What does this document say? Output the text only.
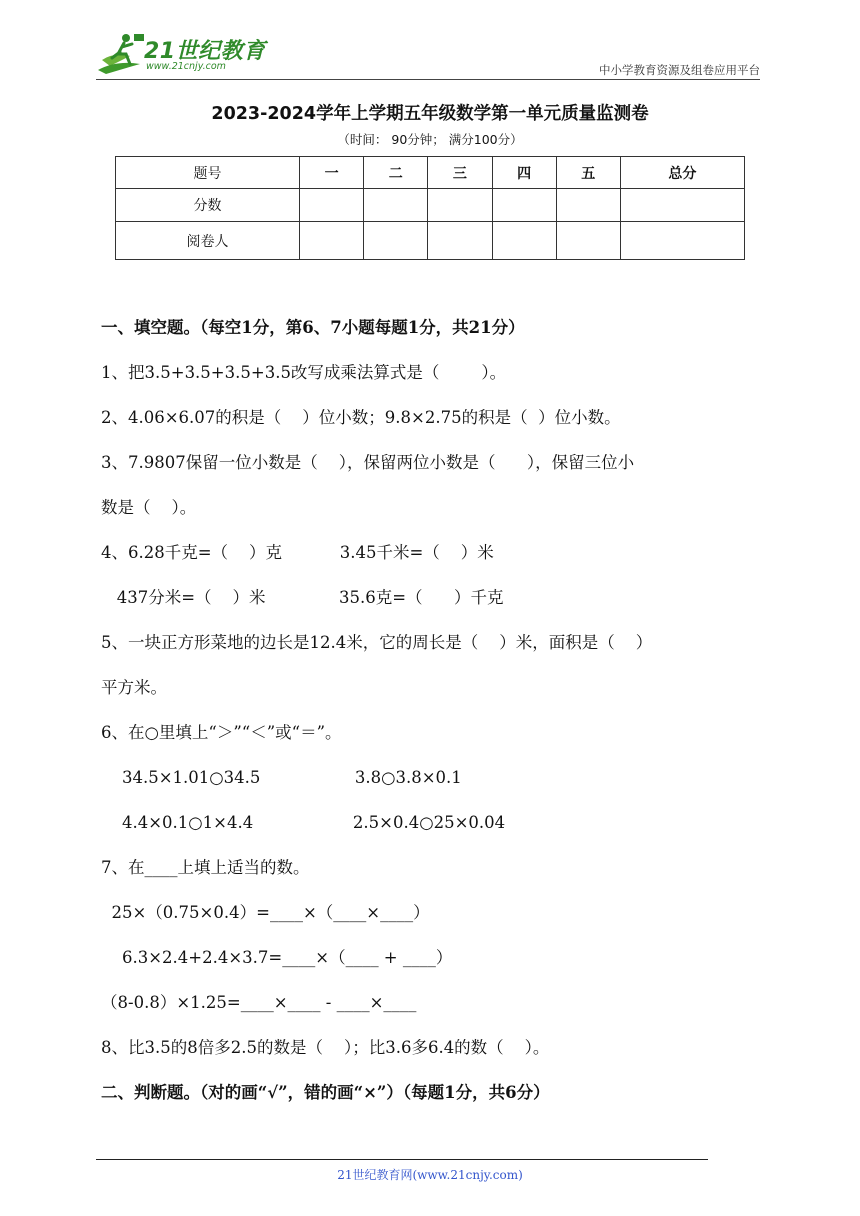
21世纪教育
www.21cnjy.com	中小学教育资源及组卷应用平台
2023-2024学年上学期五年级数学第一单元质量监测卷
（时间： 90分钟； 满分100分）
题号	一	二	三	四	五	总分
分数						
阅卷人						
一、填空题。（每空1分，第6、7小题每题1分，共21分）
1、把3.5+3.5+3.5+3.5改写成乘法算式是（        ）。
2、4.06×6.07的积是（    ）位小数；9.8×2.75的积是（  ）位小数。
3、7.9807保留一位小数是（    ），保留两位小数是（      ），保留三位小
数是（    ）。
4、6.28千克=（    ）克           3.45千米=（    ）米
437分米=（    ）米              35.6克=（      ）千克
5、一块正方形菜地的边长是12.4米，它的周长是（    ）米，面积是（    ）
平方米。
6、在○里填上“＞”“＜”或“＝”。
34.5×1.01○34.5                  3.8○3.8×0.1
4.4×0.1○1×4.4                   2.5×0.4○25×0.04
7、在____上填上适当的数。
25×（0.75×0.4）=____×（____×____）
6.3×2.4+2.4×3.7=____×（____ + ____）
（8-0.8）×1.25=____×____ - ____×____
8、比3.5的8倍多2.5的数是（    ）；比3.6多6.4的数（    ）。
二、判断题。（对的画“√”，错的画“×”）（每题1分，共6分）
21世纪教育网(www.21cnjy.com)
